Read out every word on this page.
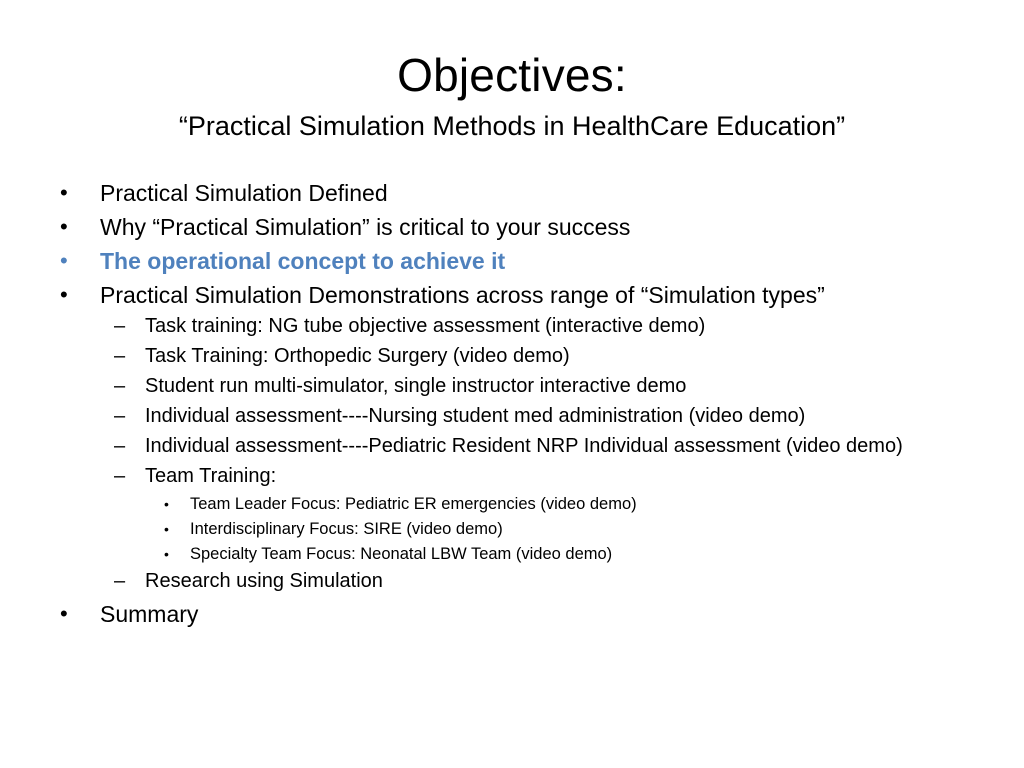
Objectives:
“Practical Simulation Methods in HealthCare Education”
• Practical Simulation Defined
• Why “Practical Simulation” is critical to your success
• The operational concept to achieve it
• Practical Simulation Demonstrations across range of “Simulation types”
– Task training: NG tube objective assessment (interactive demo)
– Task Training: Orthopedic Surgery (video demo)
– Student run multi-simulator, single instructor interactive demo
– Individual assessment----Nursing student med administration (video demo)
– Individual assessment----Pediatric Resident NRP Individual assessment (video demo)
– Team Training:
• Team Leader Focus: Pediatric ER emergencies (video demo)
• Interdisciplinary Focus: SIRE (video demo)
• Specialty Team Focus: Neonatal LBW Team (video demo)
– Research using Simulation
• Summary
